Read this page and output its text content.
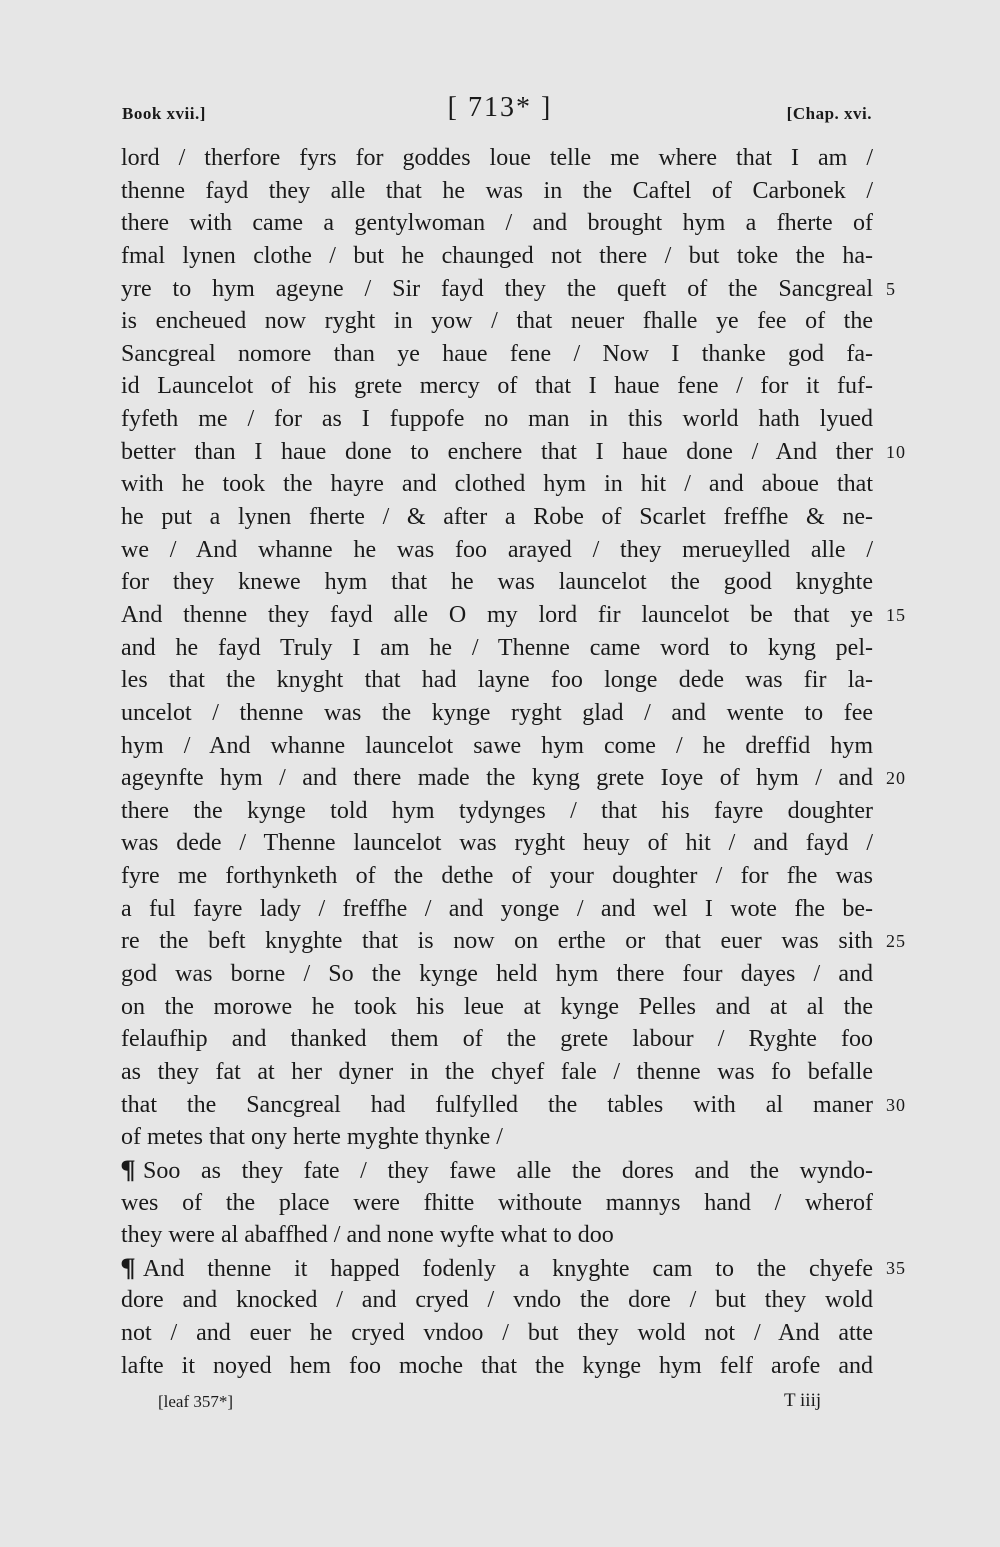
Book xvii.]	[ 713* ]	[Chap. xvi.
lord / therfore fyrs for goddes loue telle me where that I am /
thenne fayd they alle that he was in the Caftel of Carbonek /
there with came a gentylwoman / and brought hym a fherte of
fmal lynen clothe / but he chaunged not there / but toke the ha-
yre to hym ageyne / Sir fayd they the queft of the Sancgreal 5
is encheued now ryght in yow / that neuer fhalle ye fee of the
Sancgreal nomore than ye haue fene / Now I thanke god fa-
id Launcelot of his grete mercy of that I haue fene / for it fuf-
fyfeth me / for as I fuppofe no man in this world hath lyued
better than I haue done to enchere that I haue done / And ther 10
with he took the hayre and clothed hym in hit / and aboue that
he put a lynen fherte / & after a Robe of Scarlet freffhe & ne-
we / And whanne he was foo arayed / they merueylled alle /
for they knewe hym that he was launcelot the good knyghte
And thenne they fayd alle O my lord fir launcelot be that ye 15
and he fayd Truly I am he / Thenne came word to kyng pel-
les that the knyght that had layne foo longe dede was fir la-
uncelot / thenne was the kynge ryght glad / and wente to fee
hym / And whanne launcelot sawe hym come / he dreffid hym
ageynfte hym / and there made the kyng grete Ioye of hym / and 20
there the kynge told hym tydynges / that his fayre doughter
was dede / Thenne launcelot was ryght heuy of hit / and fayd /
fyre me forthynketh of the dethe of your doughter / for fhe was
a ful fayre lady / freffhe / and yonge / and wel I wote fhe be-
re the beft knyghte that is now on erthe or that euer was sith 25
god was borne / So the kynge held hym there four dayes / and
on the morowe he took his leue at kynge Pelles and at al the
felaufhip and thanked them of the grete labour / Ryghte foo
as they fat at her dyner in the chyef fale / thenne was fo befalle
that the Sancgreal had fulfylled the tables with al maner 30
of metes that ony herte myghte thynke /
¶ Soo as they fate / they fawe alle the dores and the wyndo-
wes of the place were fhitte withoute mannys hand / wherof
they were al abaffhed / and none wyfte what to doo
¶ And thenne it happed fodenly a knyghte cam to the chyefe 35
dore and knocked / and cryed / vndo the dore / but they wold
not / and euer he cryed vndoo / but they wold not / And atte
lafte it noyed hem foo moche that the kynge hym felf arofe and
[leaf 357*]	T iiij
